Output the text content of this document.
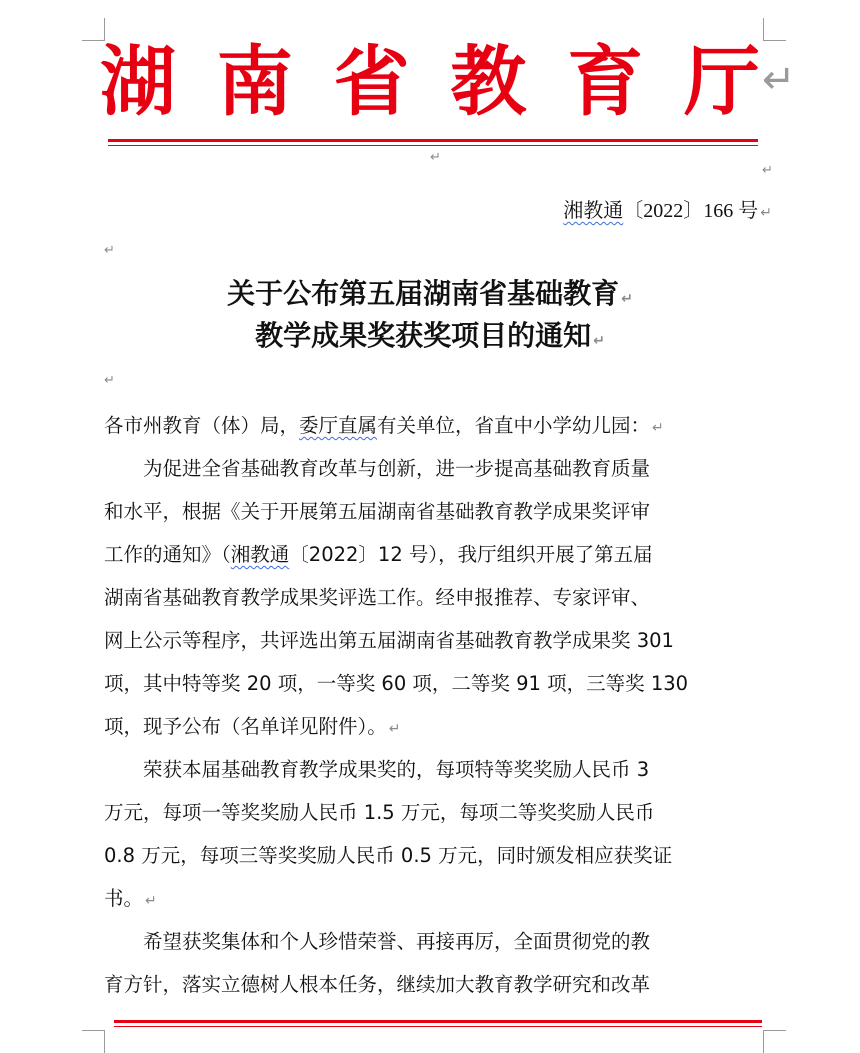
湖 南 省 教 育 厅 ↵
↵
↵
湘教通〔2022〕166 号 ↵
↵
关于公布第五届湖南省基础教育 ↵
教学成果奖获奖项目的通知 ↵
↵
各市州教育（体）局，委厅直属有关单位，省直中小学幼儿园： ↵
为促进全省基础教育改革与创新，进一步提高基础教育质量
和水平，根据《关于开展第五届湖南省基础教育教学成果奖评审
工作的通知》（湘教通〔2022〕12 号），我厅组织开展了第五届
湖南省基础教育教学成果奖评选工作。经申报推荐、专家评审、
网上公示等程序，共评选出第五届湖南省基础教育教学成果奖 301
项，其中特等奖 20 项，一等奖 60 项，二等奖 91 项，三等奖 130
项，现予公布（名单详见附件）。 ↵
荣获本届基础教育教学成果奖的，每项特等奖奖励人民币 3
万元，每项一等奖奖励人民币 1.5 万元，每项二等奖奖励人民币
0.8 万元，每项三等奖奖励人民币 0.5 万元，同时颁发相应获奖证
书。 ↵
希望获奖集体和个人珍惜荣誉、再接再厉，全面贯彻党的教
育方针，落实立德树人根本任务，继续加大教育教学研究和改革
